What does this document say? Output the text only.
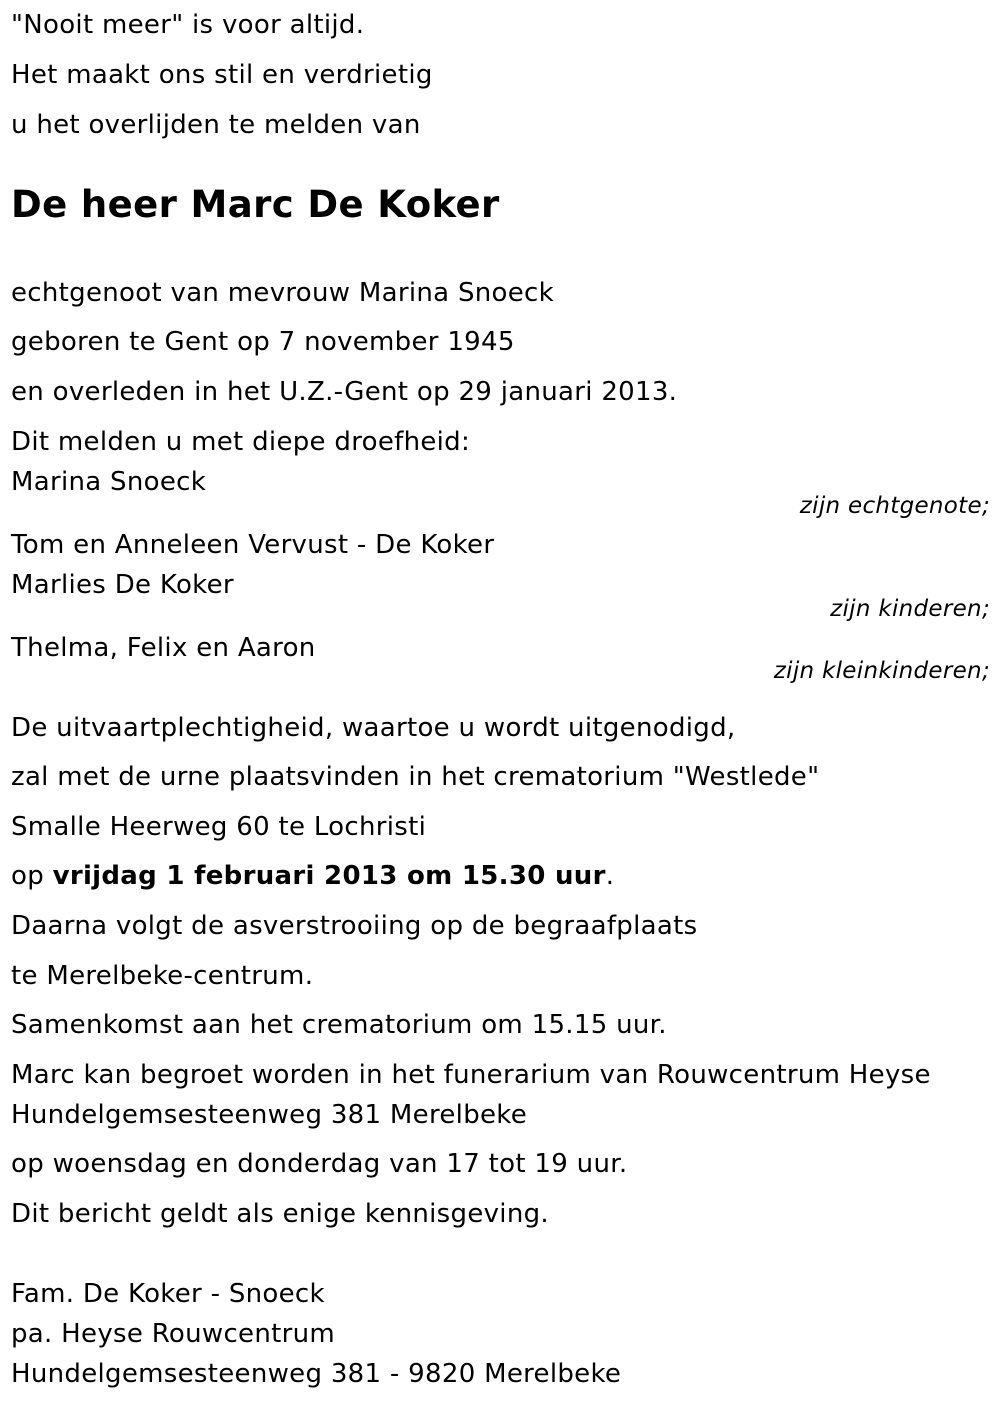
"Nooit meer" is voor altijd.
Het maakt ons stil en verdrietig
u het overlijden te melden van
De heer Marc De Koker
echtgenoot van mevrouw Marina Snoeck
geboren te Gent op 7 november 1945
en overleden in het U.Z.-Gent op 29 januari 2013.
Dit melden u met diepe droefheid:
Marina Snoeck
zijn echtgenote;
Tom en Anneleen Vervust - De Koker
Marlies De Koker
zijn kinderen;
Thelma, Felix en Aaron
zijn kleinkinderen;
De uitvaartplechtigheid, waartoe u wordt uitgenodigd,
zal met de urne plaatsvinden in het crematorium "Westlede"
Smalle Heerweg 60 te Lochristi
op vrijdag 1 februari 2013 om 15.30 uur.
Daarna volgt de asverstrooiing op de begraafplaats
te Merelbeke-centrum.
Samenkomst aan het crematorium om 15.15 uur.
Marc kan begroet worden in het funerarium van Rouwcentrum Heyse
Hundelgemsesteenweg 381 Merelbeke
op woensdag en donderdag van 17 tot 19 uur.
Dit bericht geldt als enige kennisgeving.
Fam. De Koker - Snoeck
pa. Heyse Rouwcentrum
Hundelgemsesteenweg 381 - 9820 Merelbeke
